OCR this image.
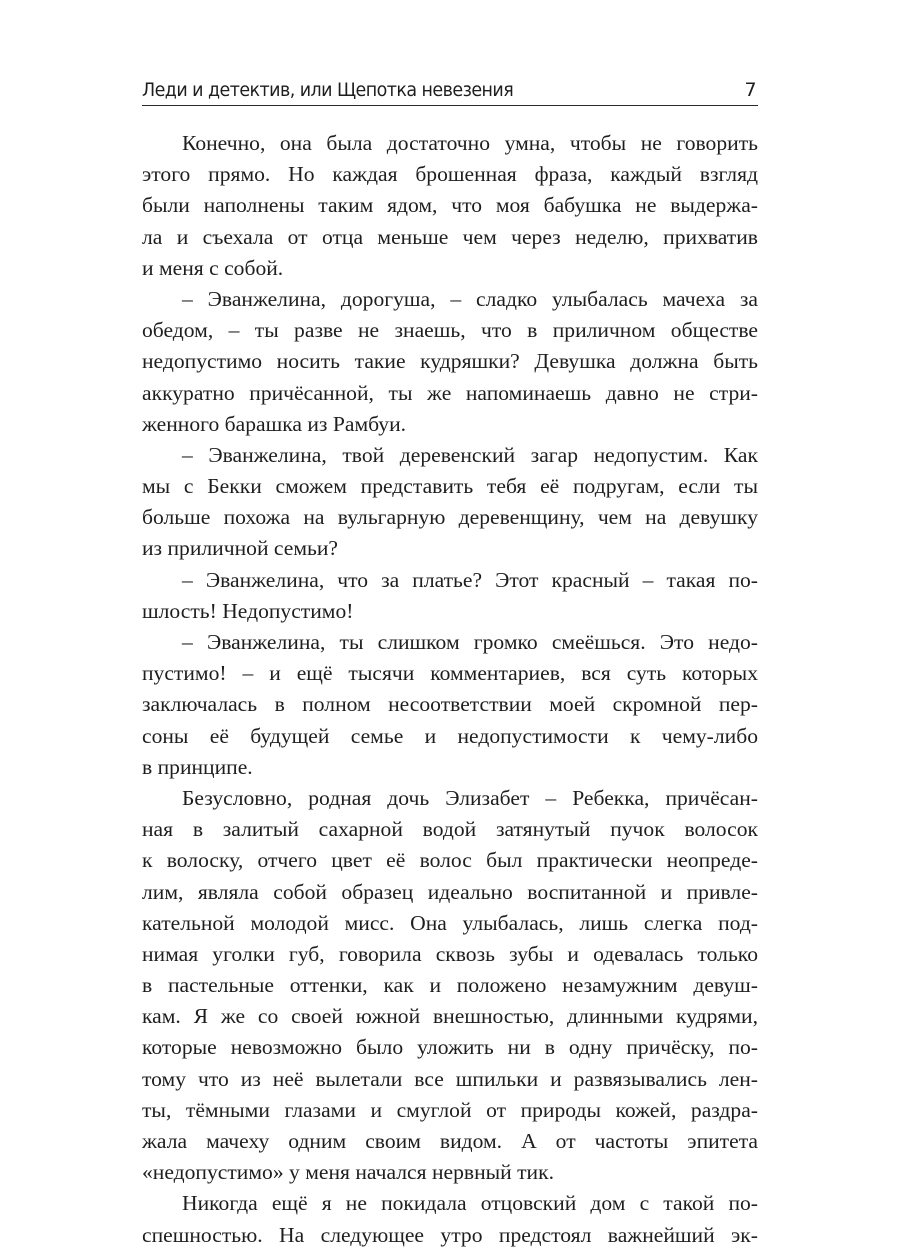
Леди и детектив, или Щепотка невезения	7
Конечно, она была достаточно умна, чтобы не говорить
этого прямо. Но каждая брошенная фраза, каждый взгляд
были наполнены таким ядом, что моя бабушка не выдержа-
ла и съехала от отца меньше чем через неделю, прихватив
и меня с собой.
– Эванжелина, дорогуша, – сладко улыбалась мачеха за
обедом, – ты разве не знаешь, что в приличном обществе
недопустимо носить такие кудряшки? Девушка должна быть
аккуратно причёсанной, ты же напоминаешь давно не стри-
женного барашка из Рамбуи.
– Эванжелина, твой деревенский загар недопустим. Как
мы с Бекки сможем представить тебя её подругам, если ты
больше похожа на вульгарную деревенщину, чем на девушку
из приличной семьи?
– Эванжелина, что за платье? Этот красный – такая по-
шлость! Недопустимо!
– Эванжелина, ты слишком громко смеёшься. Это недо-
пустимо! – и ещё тысячи комментариев, вся суть которых
заключалась в полном несоответствии моей скромной пер-
соны её будущей семье и недопустимости к чему-либо
в принципе.
Безусловно, родная дочь Элизабет – Ребекка, причёсан-
ная в залитый сахарной водой затянутый пучок волосок
к волоску, отчего цвет её волос был практически неопреде-
лим, являла собой образец идеально воспитанной и привле-
кательной молодой мисс. Она улыбалась, лишь слегка под-
нимая уголки губ, говорила сквозь зубы и одевалась только
в пастельные оттенки, как и положено незамужним девуш-
кам. Я же со своей южной внешностью, длинными кудрями,
которые невозможно было уложить ни в одну причёску, по-
тому что из неё вылетали все шпильки и развязывались лен-
ты, тёмными глазами и смуглой от природы кожей, раздра-
жала мачеху одним своим видом. А от частоты эпитета
«недопустимо» у меня начался нервный тик.
Никогда ещё я не покидала отцовский дом с такой по-
спешностью. На следующее утро предстоял важнейший эк-
